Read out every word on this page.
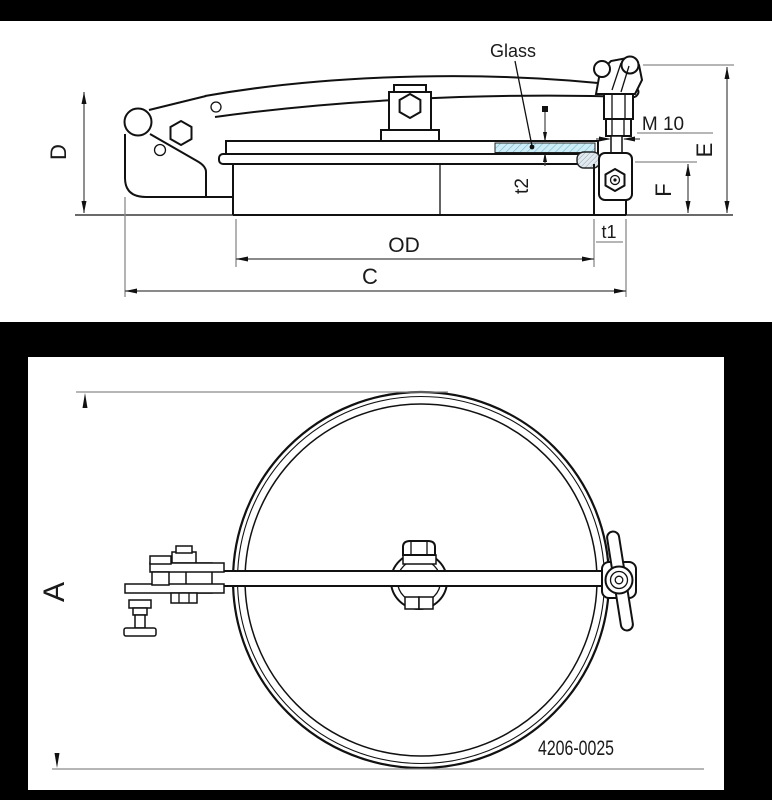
D	E
F
M 10
Glass
t2
OD
t1
C
A
4206-0025
